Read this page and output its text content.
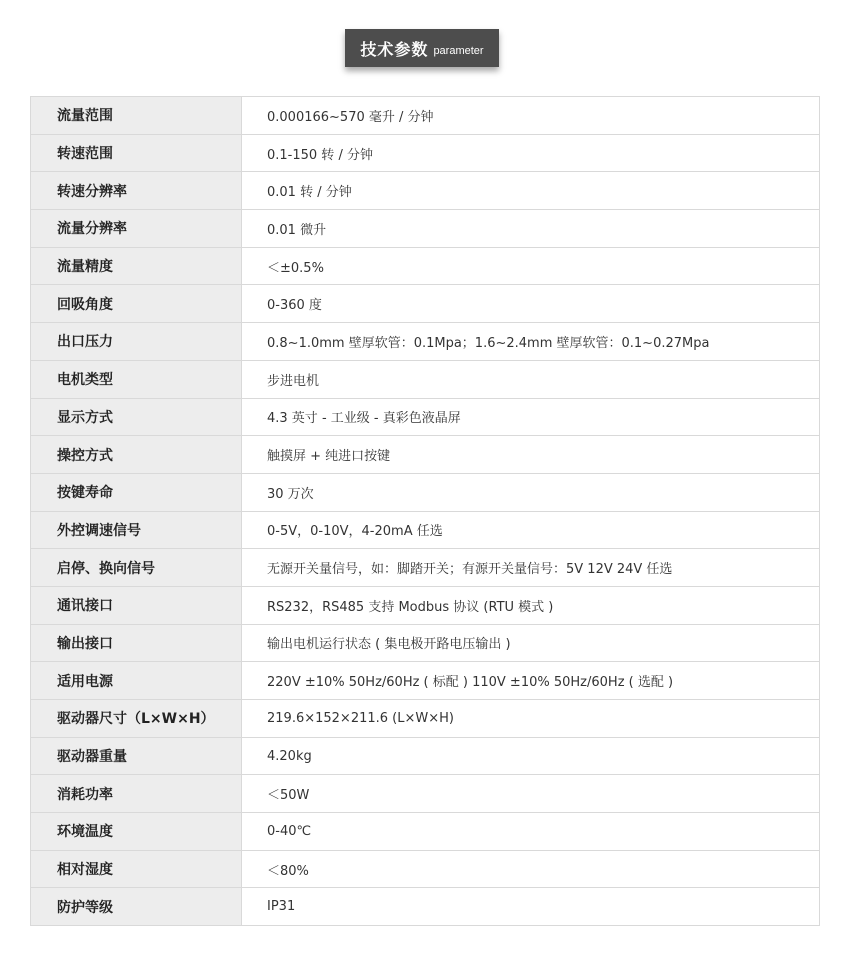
技术参数 parameter
流量范围	0.000166~570 毫升 / 分钟
转速范围	0.1-150 转 / 分钟
转速分辨率	0.01 转 / 分钟
流量分辨率	0.01 微升
流量精度	＜±0.5%
回吸角度	0-360 度
出口压力	0.8~1.0mm 壁厚软管：0.1Mpa；1.6~2.4mm 壁厚软管：0.1~0.27Mpa
电机类型	步进电机
显示方式	4.3 英寸 - 工业级 - 真彩色液晶屏
操控方式	触摸屏 + 纯进口按键
按键寿命	30 万次
外控调速信号	0-5V，0-10V，4-20mA 任选
启停、换向信号	无源开关量信号，如：脚踏开关；有源开关量信号：5V 12V 24V 任选
通讯接口	RS232，RS485 支持 Modbus 协议 (RTU 模式 )
输出接口	输出电机运行状态 ( 集电极开路电压输出 )
适用电源	220V ±10% 50Hz/60Hz ( 标配 ) 110V ±10% 50Hz/60Hz ( 选配 )
驱动器尺寸（L×W×H）	219.6×152×211.6 (L×W×H)
驱动器重量	4.20kg
消耗功率	＜50W
环境温度	0-40℃
相对湿度	＜80%
防护等级	IP31
